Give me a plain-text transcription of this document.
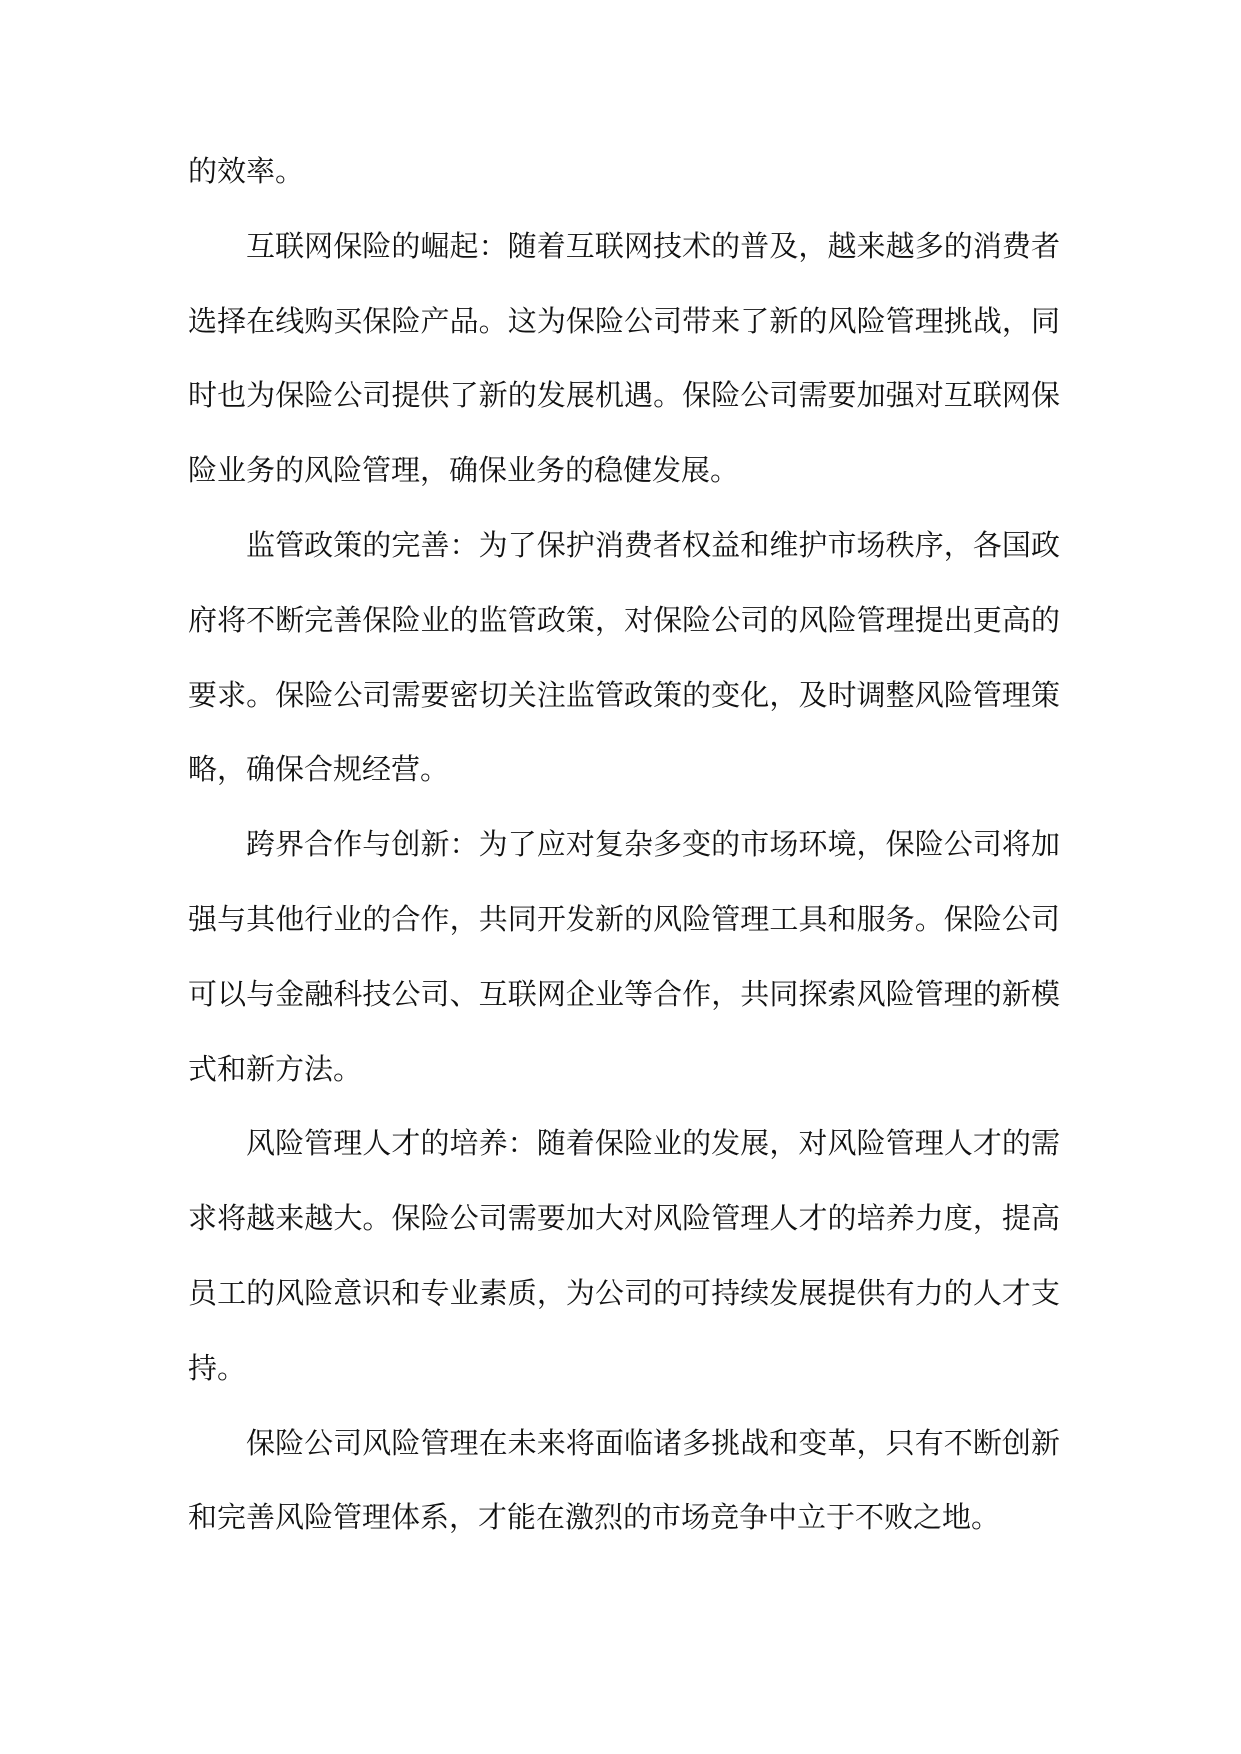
的效率。

互联网保险的崛起：随着互联网技术的普及，越来越多的消费者选择在线购买保险产品。这为保险公司带来了新的风险管理挑战，同时也为保险公司提供了新的发展机遇。保险公司需要加强对互联网保险业务的风险管理，确保业务的稳健发展。

监管政策的完善：为了保护消费者权益和维护市场秩序，各国政府将不断完善保险业的监管政策，对保险公司的风险管理提出更高的要求。保险公司需要密切关注监管政策的变化，及时调整风险管理策略，确保合规经营。

跨界合作与创新：为了应对复杂多变的市场环境，保险公司将加强与其他行业的合作，共同开发新的风险管理工具和服务。保险公司可以与金融科技公司、互联网企业等合作，共同探索风险管理的新模式和新方法。

风险管理人才的培养：随着保险业的发展，对风险管理人才的需求将越来越大。保险公司需要加大对风险管理人才的培养力度，提高员工的风险意识和专业素质，为公司的可持续发展提供有力的人才支持。

保险公司风险管理在未来将面临诸多挑战和变革，只有不断创新和完善风险管理体系，才能在激烈的市场竞争中立于不败之地。
